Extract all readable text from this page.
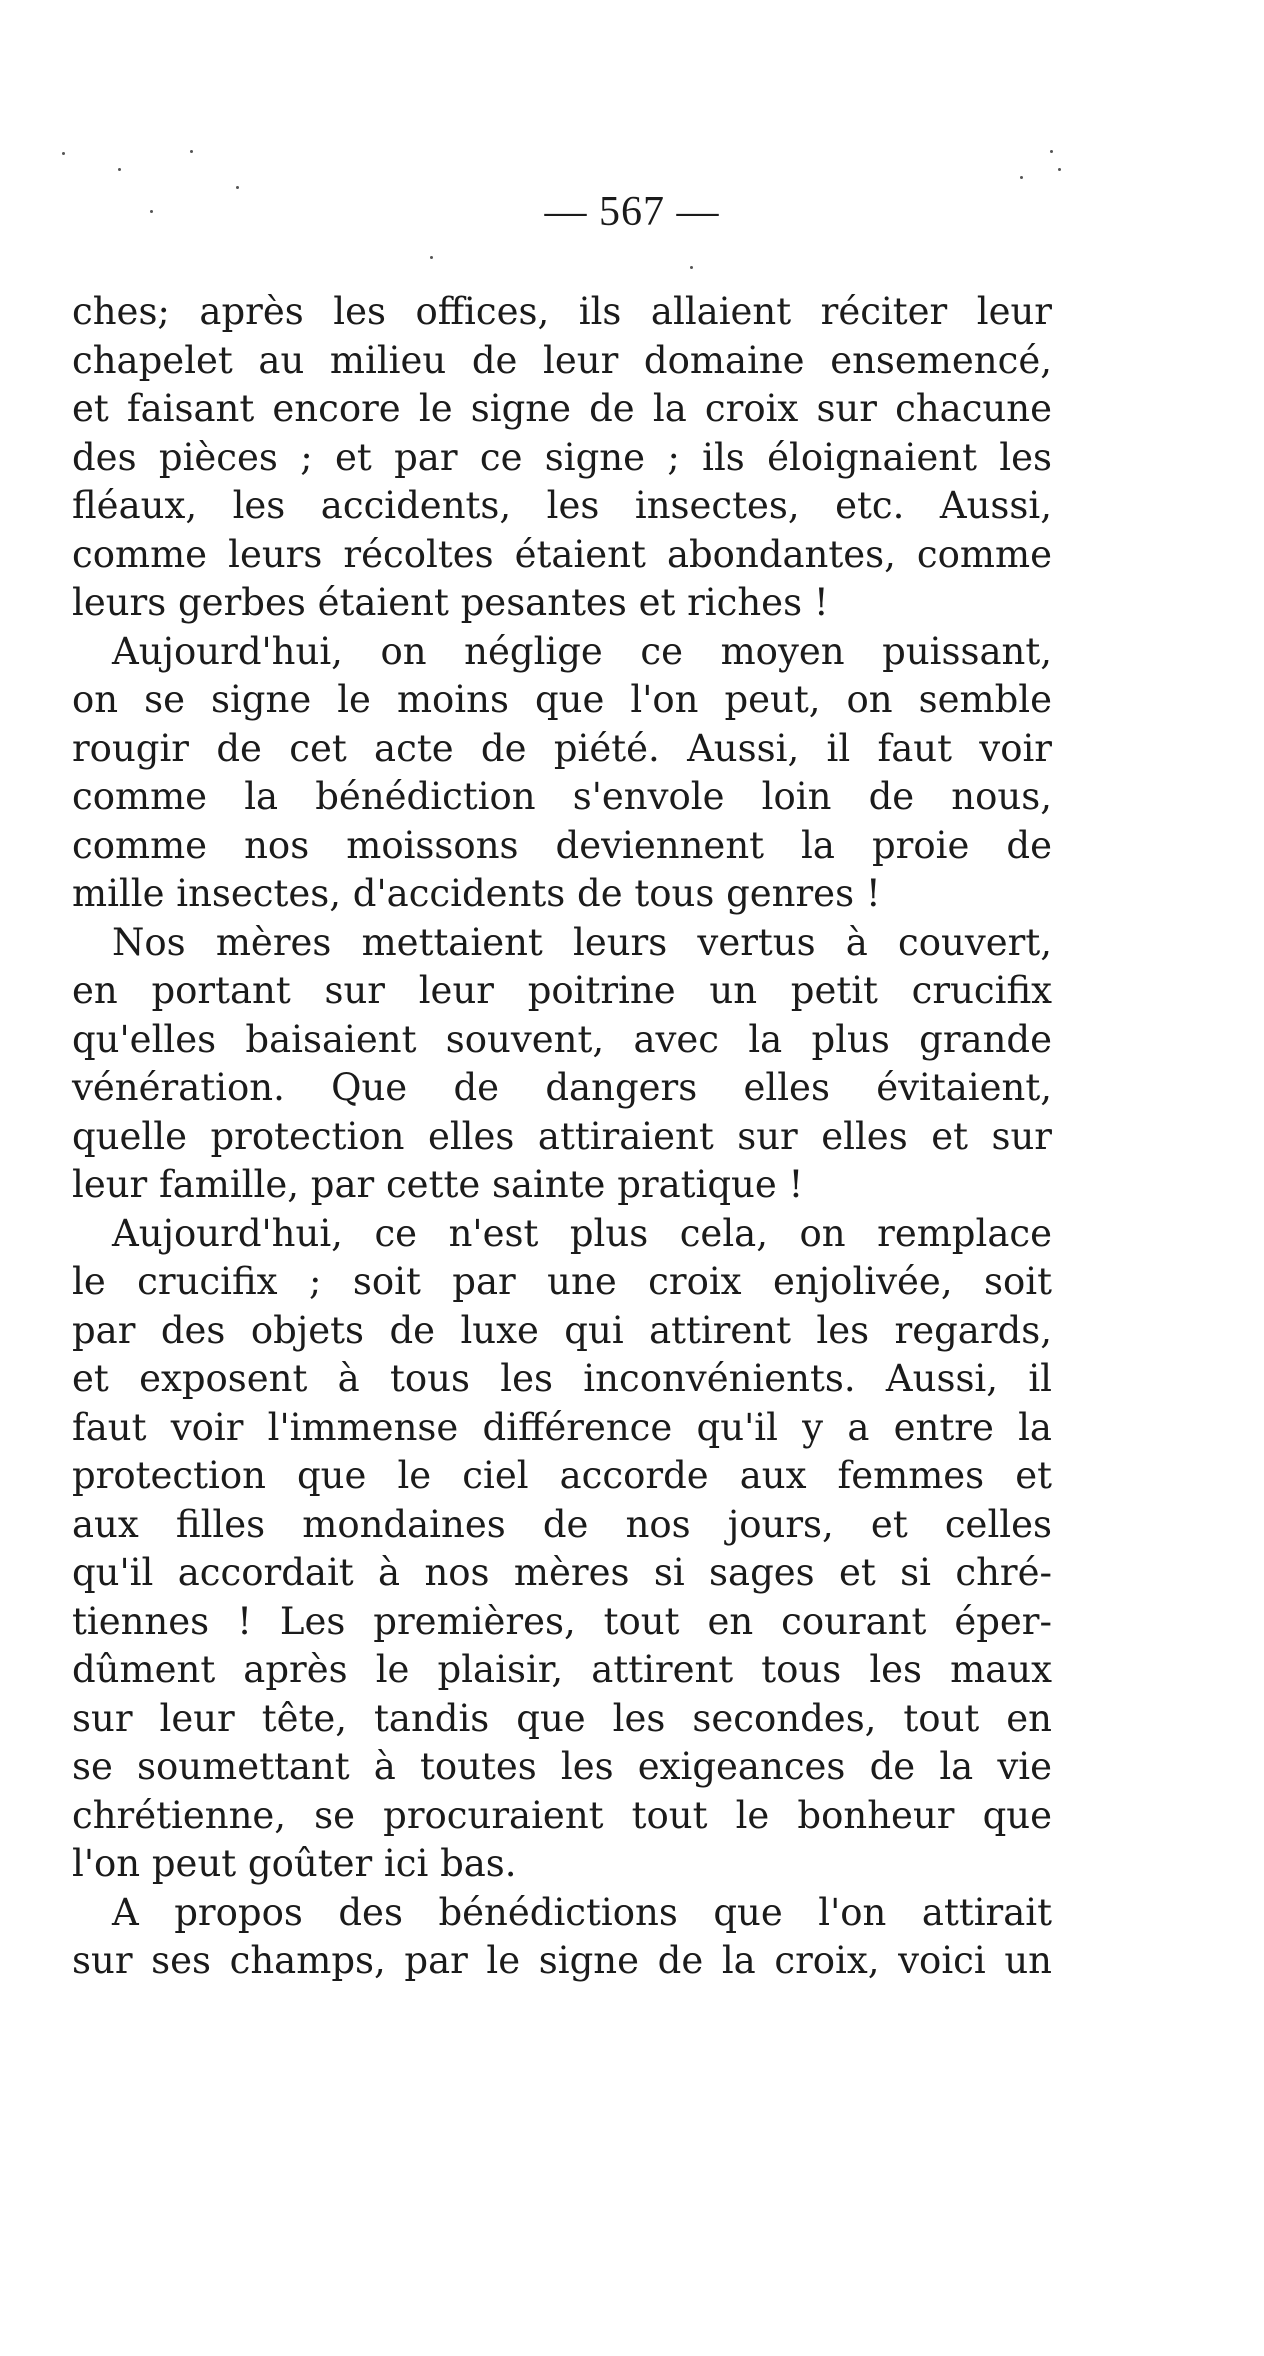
— 567 —
ches; après les offices, ils allaient réciter leur
chapelet au milieu de leur domaine ensemencé,
et faisant encore le signe de la croix sur chacune
des pièces ; et par ce signe ; ils éloignaient les
fléaux, les accidents, les insectes, etc. Aussi,
comme leurs récoltes étaient abondantes, comme
leurs gerbes étaient pesantes et riches !
Aujourd'hui, on néglige ce moyen puissant,
on se signe le moins que l'on peut, on semble
rougir de cet acte de piété. Aussi, il faut voir
comme la bénédiction s'envole loin de nous,
comme nos moissons deviennent la proie de
mille insectes, d'accidents de tous genres !
Nos mères mettaient leurs vertus à couvert,
en portant sur leur poitrine un petit crucifix
qu'elles baisaient souvent, avec la plus grande
vénération. Que de dangers elles évitaient,
quelle protection elles attiraient sur elles et sur
leur famille, par cette sainte pratique !
Aujourd'hui, ce n'est plus cela, on remplace
le crucifix ; soit par une croix enjolivée, soit
par des objets de luxe qui attirent les regards,
et exposent à tous les inconvénients. Aussi, il
faut voir l'immense différence qu'il y a entre la
protection que le ciel accorde aux femmes et
aux filles mondaines de nos jours, et celles
qu'il accordait à nos mères si sages et si chré-
tiennes ! Les premières, tout en courant éper-
dûment après le plaisir, attirent tous les maux
sur leur tête, tandis que les secondes, tout en
se soumettant à toutes les exigeances de la vie
chrétienne, se procuraient tout le bonheur que
l'on peut goûter ici bas.
A propos des bénédictions que l'on attirait
sur ses champs, par le signe de la croix, voici un
